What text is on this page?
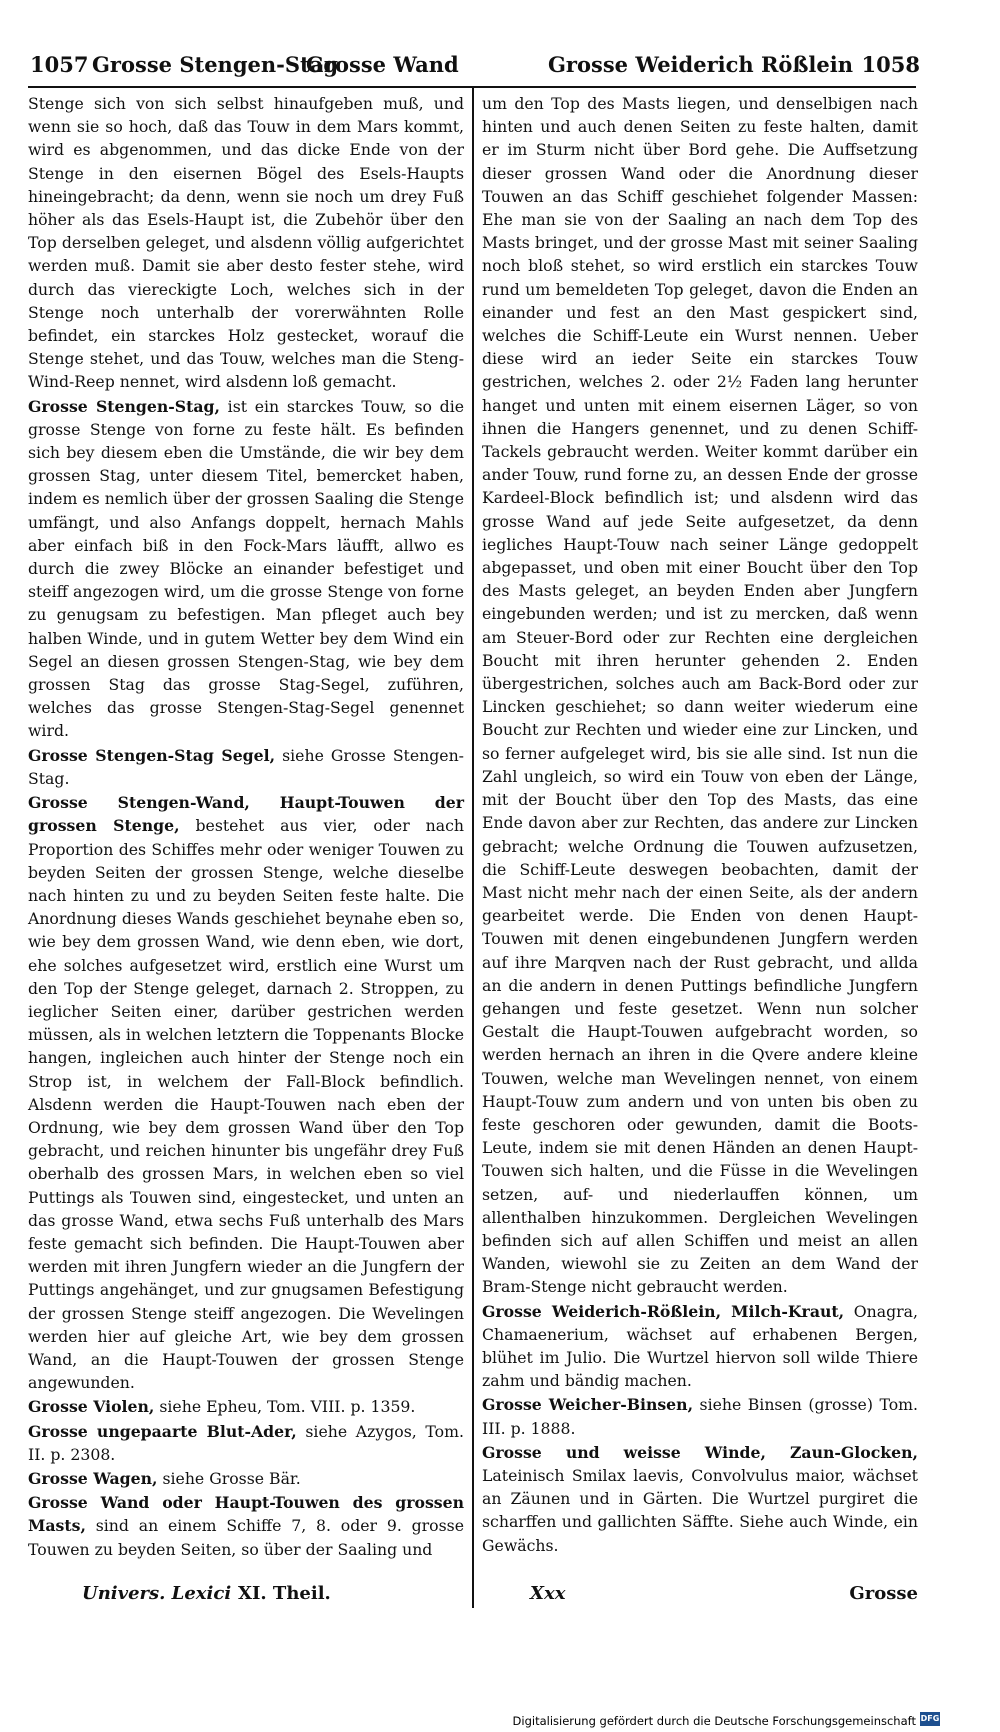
1057 Grosse Stengen-Stag
Grosse Wand	Grosse Weiderich Rößlein 1058

Stenge sich von sich selbst hinaufgeben muß, und wenn sie so hoch, daß das Touw in dem Mars kommt, wird es abgenommen, und das dicke Ende von der Stenge in den eisernen Bögel des Esels-Haupts hineingebracht; da denn, wenn sie noch um drey Fuß höher als das Esels-Haupt ist, die Zubehör über den Top derselben geleget, und alsdenn völlig aufgerichtet werden muß. Damit sie aber desto fester stehe, wird durch das viereckigte Loch, welches sich in der Stenge noch unterhalb der vorerwähnten Rolle befindet, ein starckes Holz gestecket, worauf die Stenge stehet, und das Touw, welches man die Steng-Wind-Reep nennet, wird alsdenn loß gemacht.

Grosse Stengen-Stag, ist ein starckes Touw, so die grosse Stenge von forne zu feste hält. Es befinden sich bey diesem eben die Umstände, die wir bey dem grossen Stag, unter diesem Titel, bemercket haben, indem es nemlich über der grossen Saaling die Stenge umfängt, und also Anfangs doppelt, hernach Mahls aber einfach biß in den Fock-Mars läufft, allwo es durch die zwey Blöcke an einander befestiget und steiff angezogen wird, um die grosse Stenge von forne zu genugsam zu befestigen. Man pfleget auch bey halben Winde, und in gutem Wetter bey dem Wind ein Segel an diesen grossen Stengen-Stag, wie bey dem grossen Stag das grosse Stag-Segel, zuführen, welches das grosse Stengen-Stag-Segel genennet wird.

Grosse Stengen-Stag Segel, siehe Grosse Stengen-Stag.

Grosse Stengen-Wand, Haupt-Touwen der grossen Stenge, bestehet aus vier, oder nach Proportion des Schiffes mehr oder weniger Touwen zu beyden Seiten der grossen Stenge, welche dieselbe nach hinten zu und zu beyden Seiten feste halte. Die Anordnung dieses Wands geschiehet beynahe eben so, wie bey dem grossen Wand, wie denn eben, wie dort, ehe solches aufgesetzet wird, erstlich eine Wurst um den Top der Stenge geleget, darnach 2. Stroppen, zu ieglicher Seiten einer, darüber gestrichen werden müssen, als in welchen letztern die Toppenants Blocke hangen, ingleichen auch hinter der Stenge noch ein Strop ist, in welchem der Fall-Block befindlich. Alsdenn werden die Haupt-Touwen nach eben der Ordnung, wie bey dem grossen Wand über den Top gebracht, und reichen hinunter bis ungefähr drey Fuß oberhalb des grossen Mars, in welchen eben so viel Puttings als Touwen sind, eingestecket, und unten an das grosse Wand, etwa sechs Fuß unterhalb des Mars feste gemacht sich befinden. Die Haupt-Touwen aber werden mit ihren Jungfern wieder an die Jungfern der Puttings angehänget, und zur gnugsamen Befestigung der grossen Stenge steiff angezogen. Die Wevelingen werden hier auf gleiche Art, wie bey dem grossen Wand, an die Haupt-Touwen der grossen Stenge angewunden.

Grosse Violen, siehe Epheu, Tom. VIII. p. 1359.

Grosse ungepaarte Blut-Ader, siehe Azygos, Tom. II. p. 2308.

Grosse Wagen, siehe Grosse Bär.

Grosse Wand oder Haupt-Touwen des grossen Masts, sind an einem Schiffe 7, 8. oder 9. grosse Touwen zu beyden Seiten, so über der Saaling und

um den Top des Masts liegen, und denselbigen nach hinten und auch denen Seiten zu feste halten, damit er im Sturm nicht über Bord gehe. Die Auffsetzung dieser grossen Wand oder die Anordnung dieser Touwen an das Schiff geschiehet folgender Massen: Ehe man sie von der Saaling an nach dem Top des Masts bringet, und der grosse Mast mit seiner Saaling noch bloß stehet, so wird erstlich ein starckes Touw rund um bemeldeten Top geleget, davon die Enden an einander und fest an den Mast gespickert sind, welches die Schiff-Leute ein Wurst nennen. Ueber diese wird an ieder Seite ein starckes Touw gestrichen, welches 2. oder 2½ Faden lang herunter hanget und unten mit einem eisernen Läger, so von ihnen die Hangers genennet, und zu denen Schiff-Tackels gebraucht werden. Weiter kommt darüber ein ander Touw, rund forne zu, an dessen Ende der grosse Kardeel-Block befindlich ist; und alsdenn wird das grosse Wand auf jede Seite aufgesetzet, da denn iegliches Haupt-Touw nach seiner Länge gedoppelt abgepasset, und oben mit einer Boucht über den Top des Masts geleget, an beyden Enden aber Jungfern eingebunden werden; und ist zu mercken, daß wenn am Steuer-Bord oder zur Rechten eine dergleichen Boucht mit ihren herunter gehenden 2. Enden übergestrichen, solches auch am Back-Bord oder zur Lincken geschiehet; so dann weiter wiederum eine Boucht zur Rechten und wieder eine zur Lincken, und so ferner aufgeleget wird, bis sie alle sind. Ist nun die Zahl ungleich, so wird ein Touw von eben der Länge, mit der Boucht über den Top des Masts, das eine Ende davon aber zur Rechten, das andere zur Lincken gebracht; welche Ordnung die Touwen aufzusetzen, die Schiff-Leute deswegen beobachten, damit der Mast nicht mehr nach der einen Seite, als der andern gearbeitet werde. Die Enden von denen Haupt-Touwen mit denen eingebundenen Jungfern werden auf ihre Marqven nach der Rust gebracht, und allda an die andern in denen Puttings befindliche Jungfern gehangen und feste gesetzet. Wenn nun solcher Gestalt die Haupt-Touwen aufgebracht worden, so werden hernach an ihren in die Qvere andere kleine Touwen, welche man Wevelingen nennet, von einem Haupt-Touw zum andern und von unten bis oben zu feste geschoren oder gewunden, damit die Boots-Leute, indem sie mit denen Händen an denen Haupt-Touwen sich halten, und die Füsse in die Wevelingen setzen, auf- und niederlauffen können, um allenthalben hinzukommen. Dergleichen Wevelingen befinden sich auf allen Schiffen und meist an allen Wanden, wiewohl sie zu Zeiten an dem Wand der Bram-Stenge nicht gebraucht werden.

Grosse Weiderich-Rößlein, Milch-Kraut, Onagra, Chamaenerium, wächset auf erhabenen Bergen, blühet im Julio. Die Wurtzel hiervon soll wilde Thiere zahm und bändig machen.

Grosse Weicher-Binsen, siehe Binsen (grosse) Tom. III. p. 1888.

Grosse und weisse Winde, Zaun-Glocken, Lateinisch Smilax laevis, Convolvulus maior, wächset an Zäunen und in Gärten. Die Wurtzel purgiret die scharffen und gallichten Säffte. Siehe auch Winde, ein Gewächs.

Univers. Lexici XI. Theil.	Xxx	Grosse
Digitalisierung gefördert durch die Deutsche Forschungsgemeinschaft DFG
